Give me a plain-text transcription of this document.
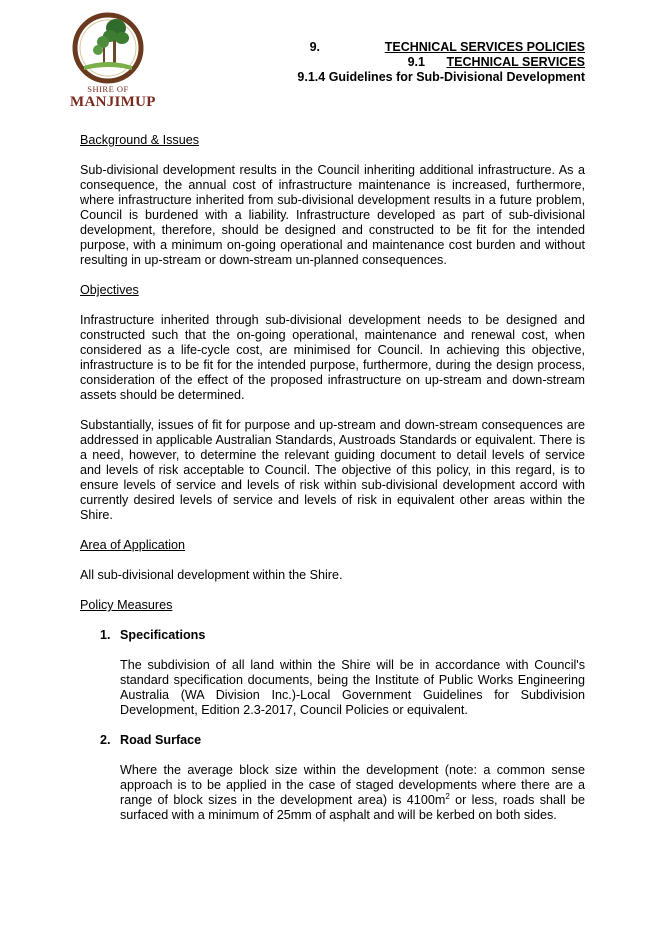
SHIRE OF
MANJIMUP
9.	TECHNICAL SERVICES POLICIES
9.1 TECHNICAL SERVICES
9.1.4 Guidelines for Sub-Divisional Development
Background & Issues

Sub-divisional development results in the Council inheriting additional infrastructure. As a consequence, the annual cost of infrastructure maintenance is increased, furthermore, where infrastructure inherited from sub-divisional development results in a future problem, Council is burdened with a liability. Infrastructure developed as part of sub-divisional development, therefore, should be designed and constructed to be fit for the intended purpose, with a minimum on-going operational and maintenance cost burden and without resulting in up-stream or down-stream un-planned consequences.

Objectives

Infrastructure inherited through sub-divisional development needs to be designed and constructed such that the on-going operational, maintenance and renewal cost, when considered as a life-cycle cost, are minimised for Council. In achieving this objective, infrastructure is to be fit for the intended purpose, furthermore, during the design process, consideration of the effect of the proposed infrastructure on up-stream and down-stream assets should be determined.

Substantially, issues of fit for purpose and up-stream and down-stream consequences are addressed in applicable Australian Standards, Austroads Standards or equivalent. There is a need, however, to determine the relevant guiding document to detail levels of service and levels of risk acceptable to Council. The objective of this policy, in this regard, is to ensure levels of service and levels of risk within sub-divisional development accord with currently desired levels of service and levels of risk in equivalent other areas within the Shire.

Area of Application

All sub-divisional development within the Shire.

Policy Measures
1. Specifications

The subdivision of all land within the Shire will be in accordance with Council's standard specification documents, being the Institute of Public Works Engineering Australia (WA Division Inc.)-Local Government Guidelines for Subdivision Development, Edition 2.3-2017, Council Policies or equivalent.

2. Road Surface

Where the average block size within the development (note: a common sense approach is to be applied in the case of staged developments where there are a range of block sizes in the development area) is $4100m^2$ or less, roads shall be surfaced with a minimum of 25mm of asphalt and will be kerbed on both sides.
